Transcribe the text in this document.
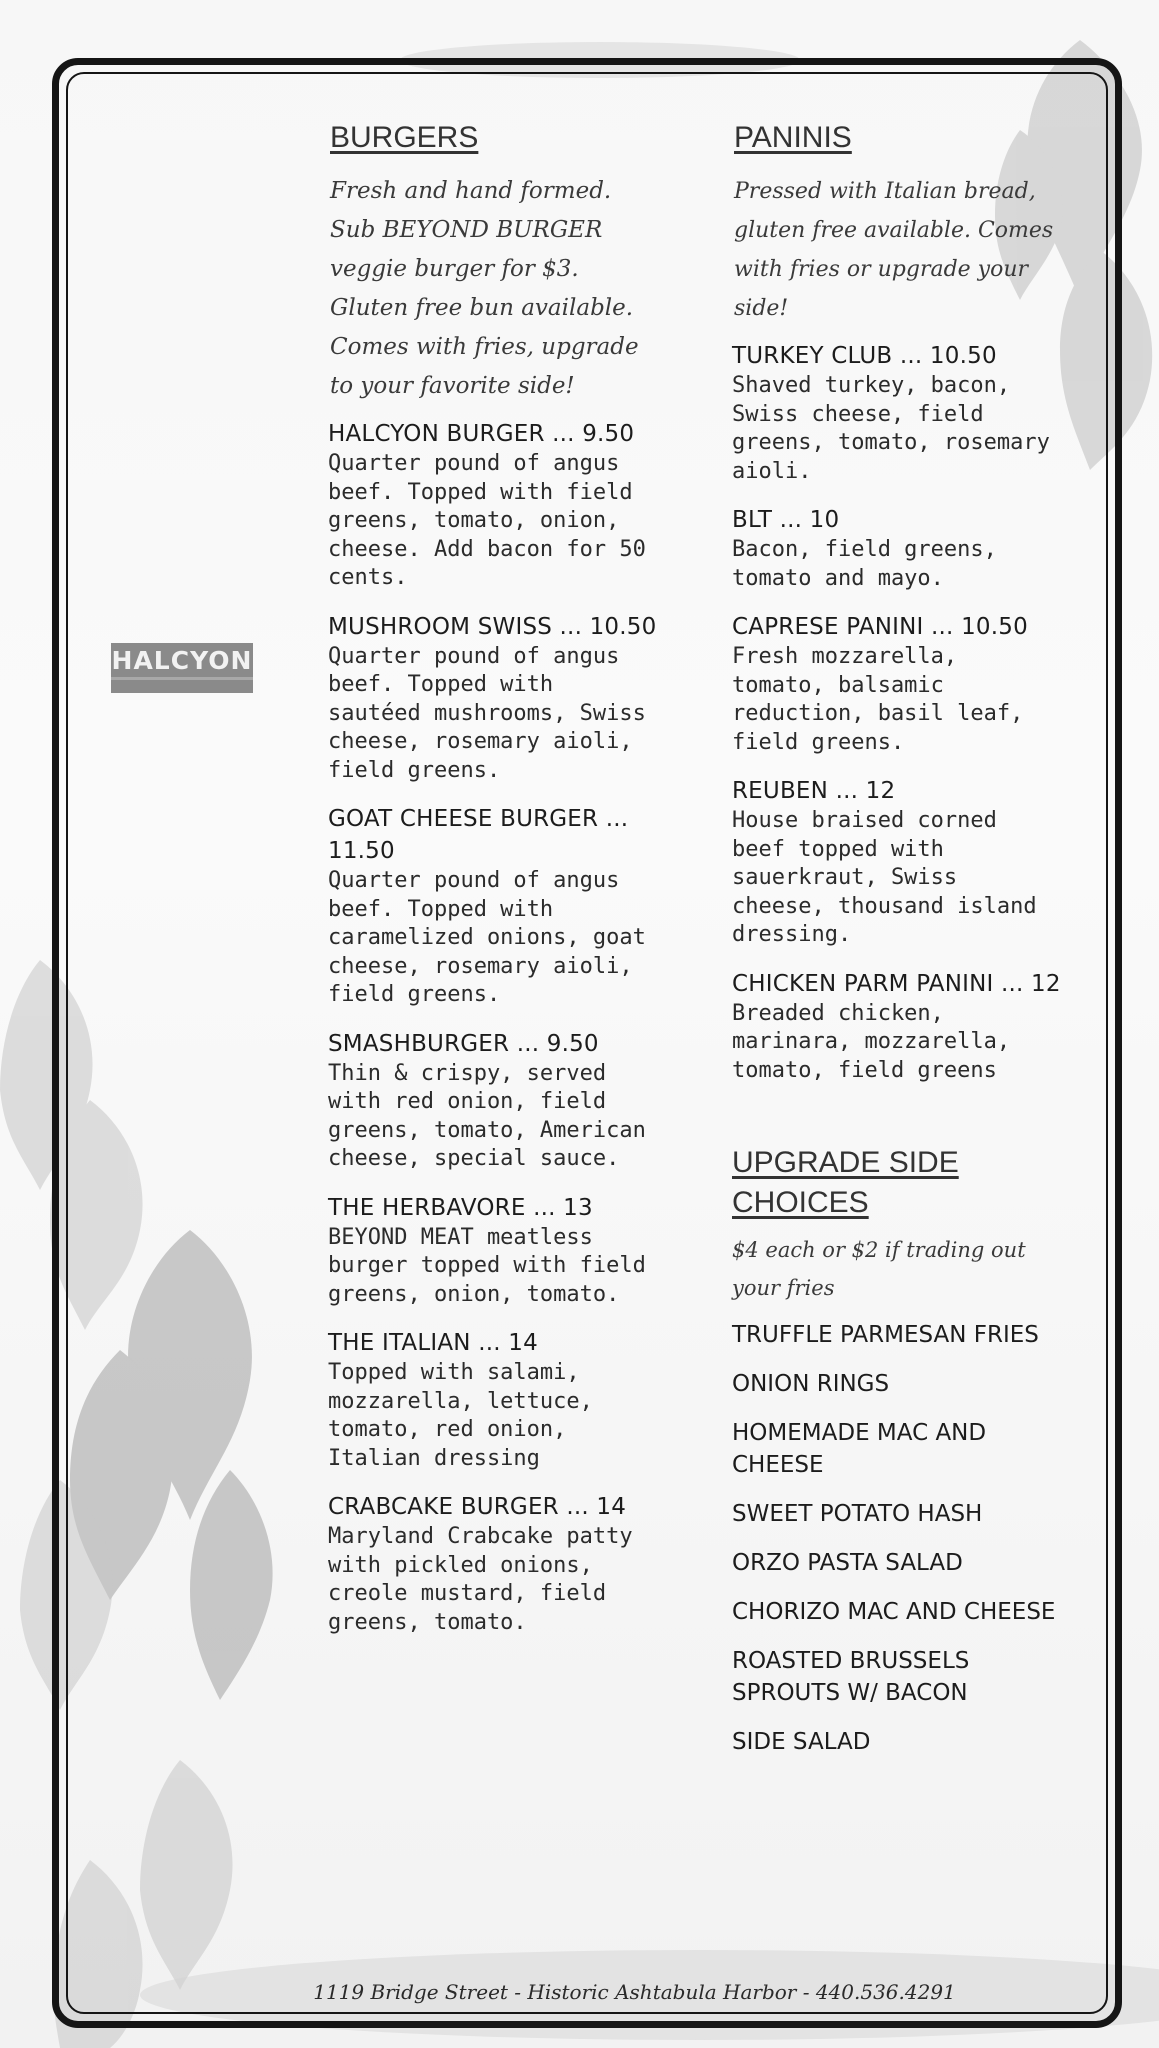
HALCYON
BURGERS
Fresh and hand formed. Sub BEYOND BURGER veggie burger for $3. Gluten free bun available. Comes with fries, upgrade to your favorite side!
HALCYON BURGER ... 9.50
Quarter pound of angus beef. Topped with field greens, tomato, onion, cheese. Add bacon for 50 cents.
MUSHROOM SWISS ... 10.50
Quarter pound of angus beef. Topped with sautéed mushrooms, Swiss cheese, rosemary aioli, field greens.
GOAT CHEESE BURGER ... 11.50
Quarter pound of angus beef. Topped with caramelized onions, goat cheese, rosemary aioli, field greens.
SMASHBURGER ... 9.50
Thin & crispy, served with red onion, field greens, tomato, American cheese, special sauce.
THE HERBAVORE ... 13
BEYOND MEAT meatless burger topped with field greens, onion, tomato.
THE ITALIAN ... 14
Topped with salami, mozzarella, lettuce, tomato, red onion, Italian dressing
CRABCAKE BURGER ... 14
Maryland Crabcake patty with pickled onions, creole mustard, field greens, tomato.
PANINIS
Pressed with Italian bread, gluten free available. Comes with fries or upgrade your side!
TURKEY CLUB ... 10.50
Shaved turkey, bacon, Swiss cheese, field greens, tomato, rosemary aioli.
BLT ... 10
Bacon, field greens, tomato and mayo.
CAPRESE PANINI ... 10.50
Fresh mozzarella, tomato, balsamic reduction, basil leaf, field greens.
REUBEN ... 12
House braised corned beef topped with sauerkraut, Swiss cheese, thousand island dressing.
CHICKEN PARM PANINI ... 12
Breaded chicken, marinara, mozzarella, tomato, field greens
UPGRADE SIDE CHOICES
$4 each or $2 if trading out your fries
TRUFFLE PARMESAN FRIES
ONION RINGS
HOMEMADE MAC AND CHEESE
SWEET POTATO HASH
ORZO PASTA SALAD
CHORIZO MAC AND CHEESE
ROASTED BRUSSELS SPROUTS W/ BACON
SIDE SALAD
1119 Bridge Street - Historic Ashtabula Harbor - 440.536.4291
